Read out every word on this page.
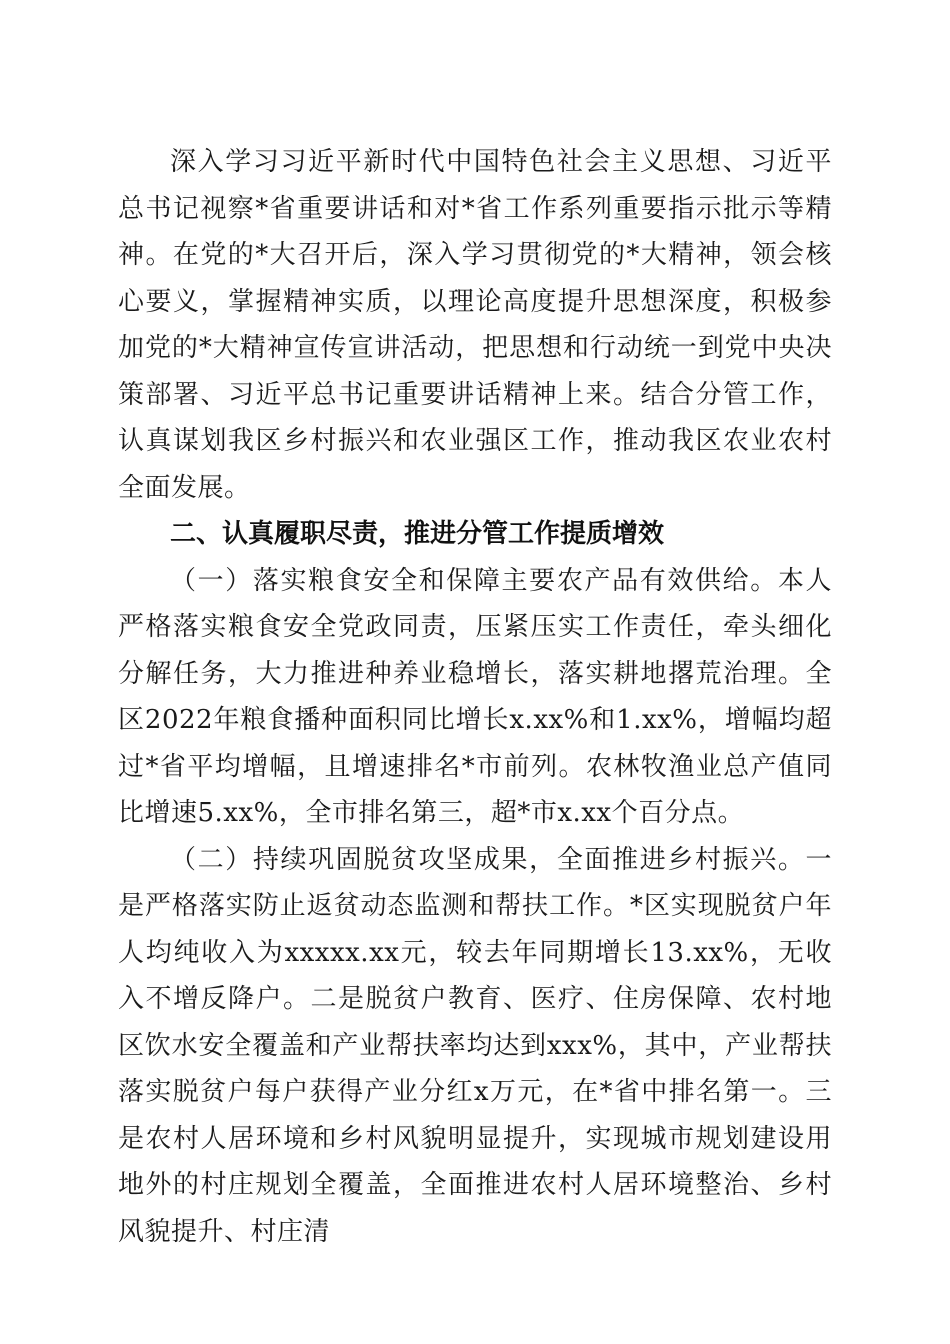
深入学习习近平新时代中国特色社会主义思想、习近平总书记视察*省重要讲话和对*省工作系列重要指示批示等精神。在党的*大召开后，深入学习贯彻党的*大精神，领会核心要义，掌握精神实质，以理论高度提升思想深度，积极参加党的*大精神宣传宣讲活动，把思想和行动统一到党中央决策部署、习近平总书记重要讲话精神上来。结合分管工作，认真谋划我区乡村振兴和农业强区工作，推动我区农业农村全面发展。

二、认真履职尽责，推进分管工作提质增效

（一）落实粮食安全和保障主要农产品有效供给。本人严格落实粮食安全党政同责，压紧压实工作责任，牵头细化分解任务，大力推进种养业稳增长，落实耕地撂荒治理。全区2022年粮食播种面积同比增长x.xx%和1.xx%，增幅均超过*省平均增幅，且增速排名*市前列。农林牧渔业总产值同比增速5.xx%，全市排名第三，超*市x.xx个百分点。

（二）持续巩固脱贫攻坚成果，全面推进乡村振兴。一是严格落实防止返贫动态监测和帮扶工作。*区实现脱贫户年人均纯收入为xxxxx.xx元，较去年同期增长13.xx%，无收入不增反降户。二是脱贫户教育、医疗、住房保障、农村地区饮水安全覆盖和产业帮扶率均达到xxx%，其中，产业帮扶落实脱贫户每户获得产业分红x万元，在*省中排名第一。三是农村人居环境和乡村风貌明显提升，实现城市规划建设用地外的村庄规划全覆盖，全面推进农村人居环境整治、乡村风貌提升、村庄清
